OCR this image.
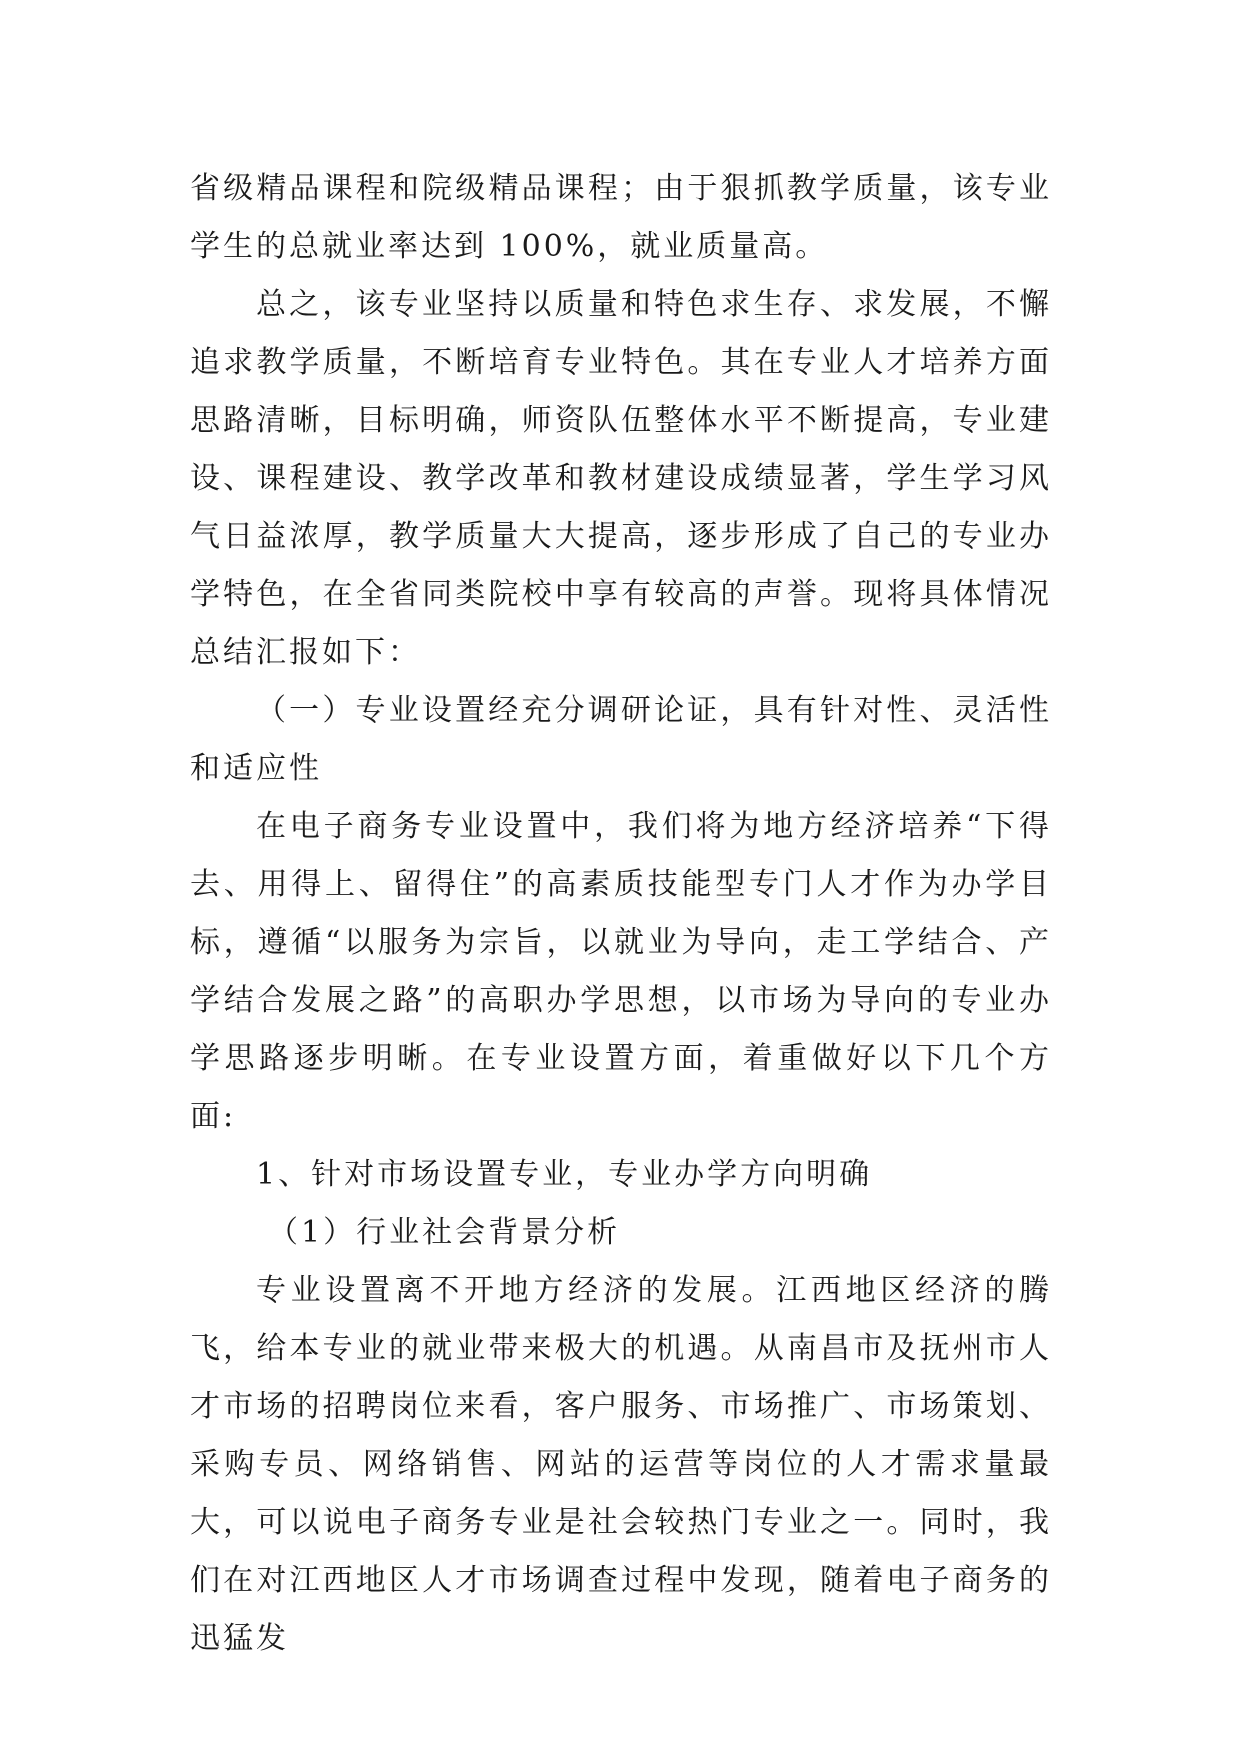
省级精品课程和院级精品课程；由于狠抓教学质量，该专业学生的总就业率达到 100%，就业质量高。

总之，该专业坚持以质量和特色求生存、求发展，不懈追求教学质量，不断培育专业特色。其在专业人才培养方面思路清晰，目标明确，师资队伍整体水平不断提高，专业建设、课程建设、教学改革和教材建设成绩显著，学生学习风气日益浓厚，教学质量大大提高，逐步形成了自己的专业办学特色，在全省同类院校中享有较高的声誉。现将具体情况总结汇报如下：

（一）专业设置经充分调研论证，具有针对性、灵活性和适应性

在电子商务专业设置中，我们将为地方经济培养“下得去、用得上、留得住”的高素质技能型专门人才作为办学目标，遵循“以服务为宗旨，以就业为导向，走工学结合、产学结合发展之路”的高职办学思想，以市场为导向的专业办学思路逐步明晰。在专业设置方面，着重做好以下几个方面:

1、针对市场设置专业，专业办学方向明确

（1）行业社会背景分析

专业设置离不开地方经济的发展。江西地区经济的腾飞，给本专业的就业带来极大的机遇。从南昌市及抚州市人才市场的招聘岗位来看，客户服务、市场推广、市场策划、采购专员、网络销售、网站的运营等岗位的人才需求量最大，可以说电子商务专业是社会较热门专业之一。同时，我们在对江西地区人才市场调查过程中发现，随着电子商务的迅猛发
